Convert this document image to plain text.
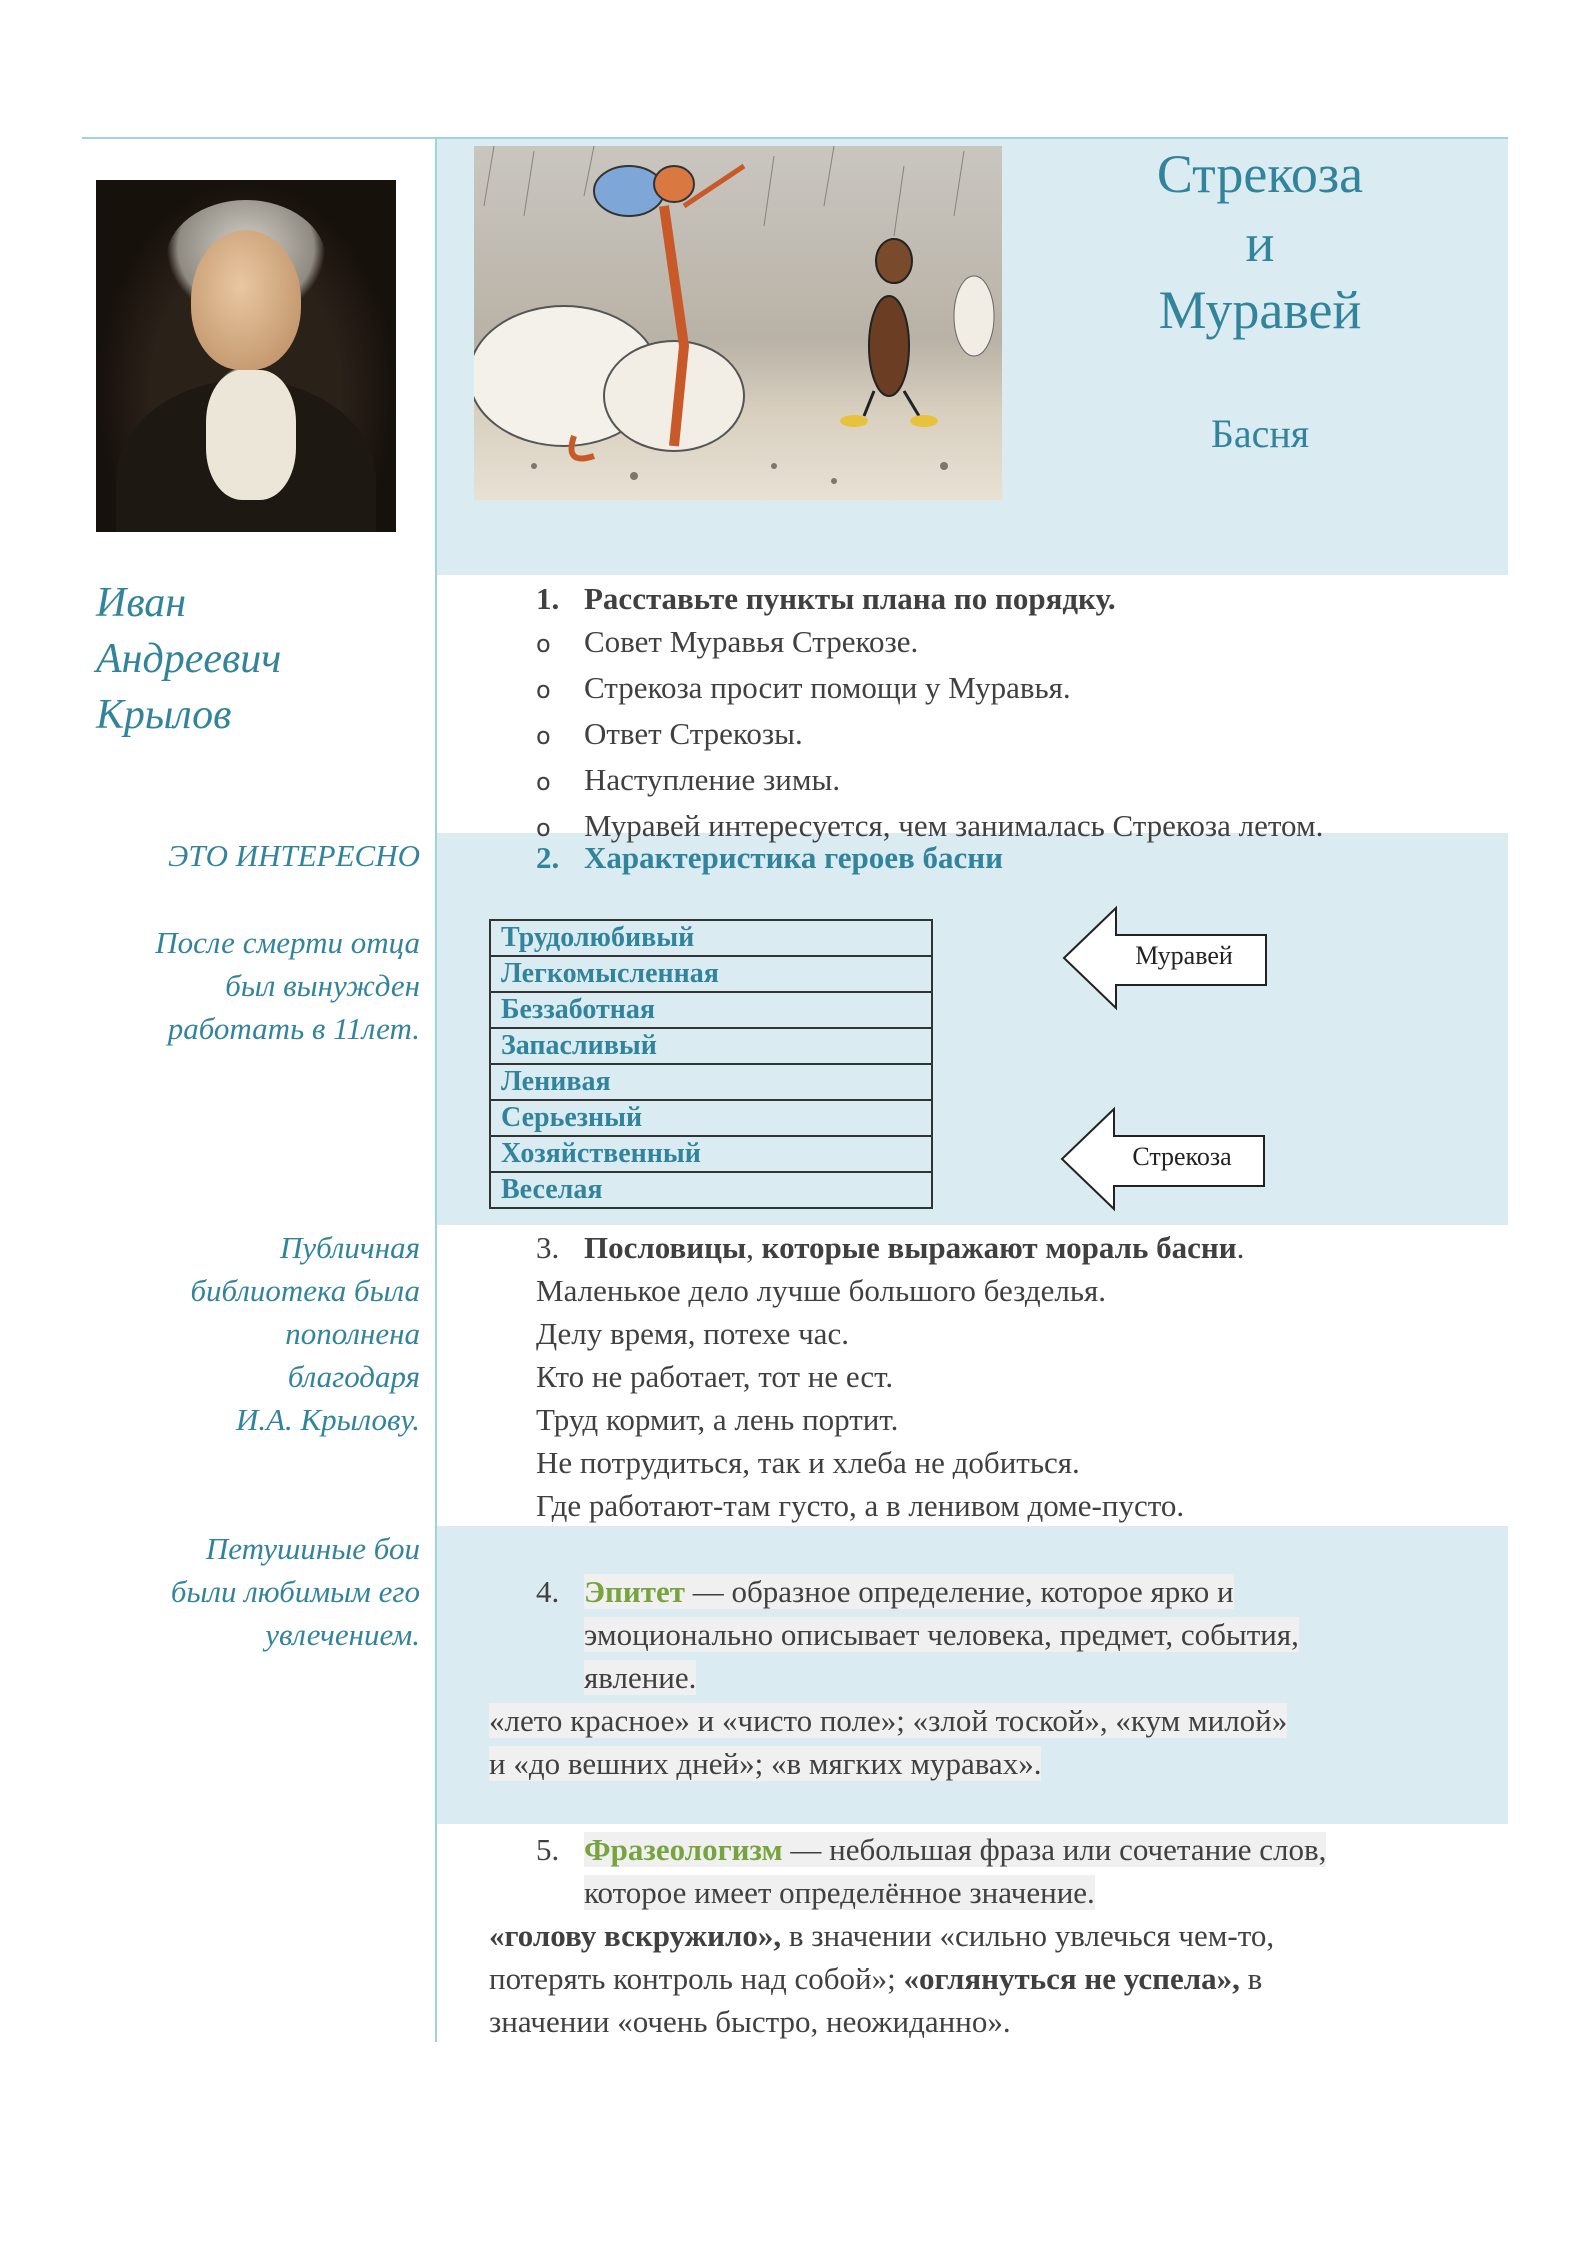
Стрекоза
и
Муравей
Басня
Иван
Андреевич
Крылов
ЭТО ИНТЕРЕСНО
После смерти отца
был вынужден
работать в 11лет.
Публичная
библиотека была
пополнена
благодаря
И.А. Крылову.
Петушиные бои
были любимым его
увлечением.
1. Расставьте пункты плана по порядку.
o Совет Муравья Стрекозе.
o Стрекоза просит помощи у Муравья.
o Ответ Стрекозы.
o Наступление зимы.
o Муравей интересуется, чем занималась Стрекоза летом.
2. Характеристика героев басни
Трудолюбивый
Легкомысленная
Беззаботная
Запасливый
Ленивая
Серьезный
Хозяйственный
Веселая
Муравей
Стрекоза
3. Пословицы, которые выражают мораль басни.
Маленькое дело лучше большого безделья.
Делу время, потехе час.
Кто не работает, тот не ест.
Труд кормит, а лень портит.
Не потрудиться, так и хлеба не добиться.
Где работают-там густо, а в ленивом доме-пусто.
4. Эпитет — образное определение, которое ярко и
эмоционально описывает человека, предмет, события,
явление.
«лето красное» и «чисто поле»; «злой тоской», «кум милой»
и «до вешних дней»; «в мягких муравах».
5. Фразеологизм — небольшая фраза или сочетание слов,
которое имеет определённое значение.
«голову вскружило», в значении «сильно увлечься чем-то,
потерять контроль над собой»; «оглянуться не успела», в
значении «очень быстро, неожиданно».
